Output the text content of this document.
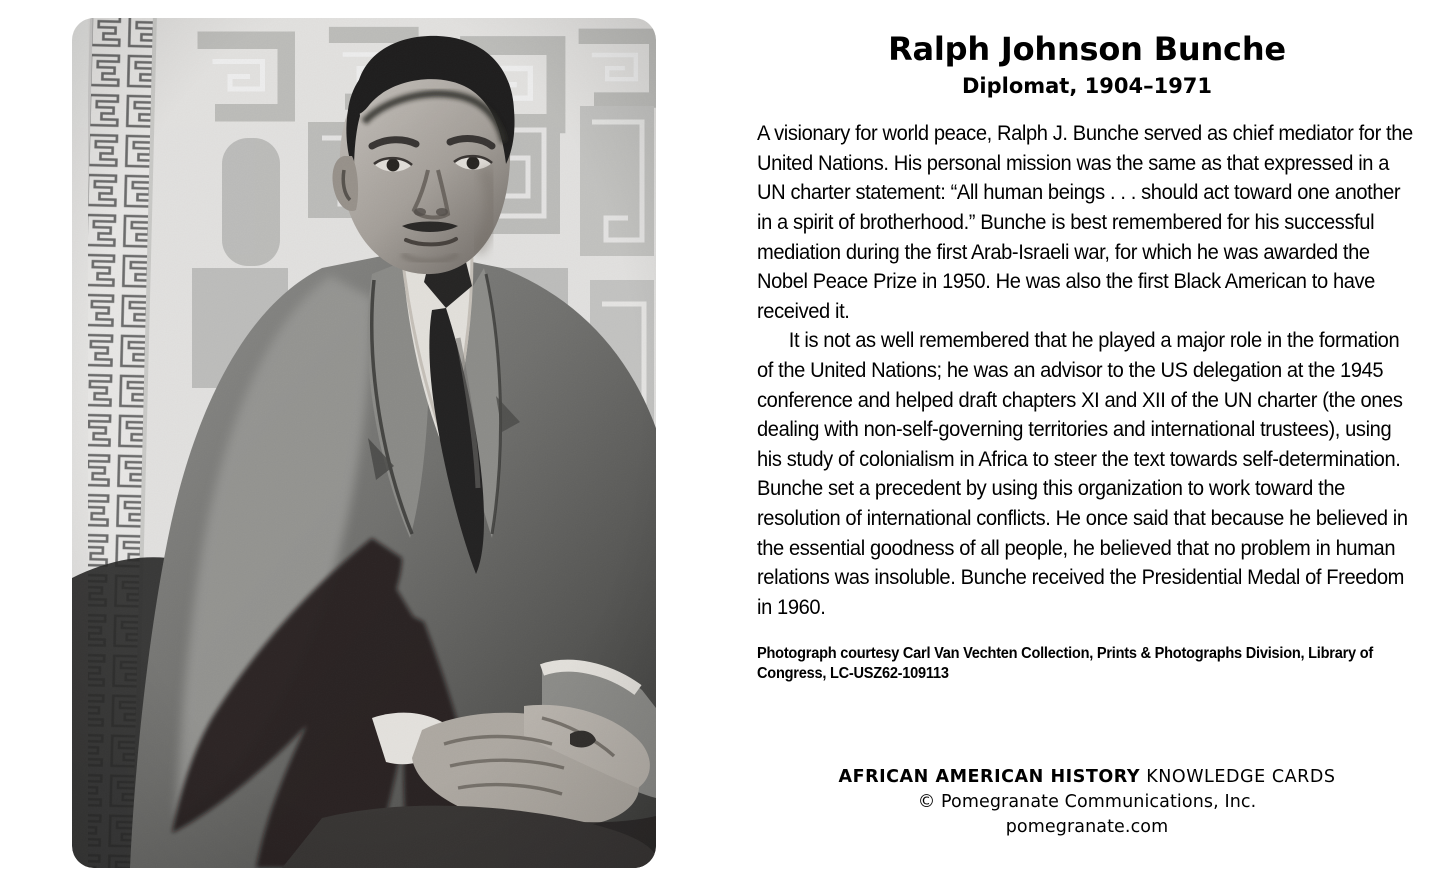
Ralph Johnson Bunche
Diplomat, 1904–1971

A visionary for world peace, Ralph J. Bunche served as chief mediator for the United Nations. His personal mission was the same as that expressed in a UN charter statement: “All human beings . . . should act toward one another in a spirit of brotherhood.” Bunche is best remembered for his successful mediation during the first Arab-Israeli war, for which he was awarded the Nobel Peace Prize in 1950. He was also the first Black American to have received it.

It is not as well remembered that he played a major role in the formation of the United Nations; he was an advisor to the US delegation at the 1945 conference and helped draft chapters XI and XII of the UN charter (the ones dealing with non-self-governing territories and international trustees), using his study of colonialism in Africa to steer the text towards self-determination. Bunche set a precedent by using this organization to work toward the resolution of international conflicts. He once said that because he believed in the essential goodness of all people, he believed that no problem in human relations was insoluble. Bunche received the Presidential Medal of Freedom in 1960.

Photograph courtesy Carl Van Vechten Collection, Prints & Photographs Division, Library of Congress, LC-USZ62-109113
AFRICAN AMERICAN HISTORY KNOWLEDGE CARDS
© Pomegranate Communications, Inc.
pomegranate.com
